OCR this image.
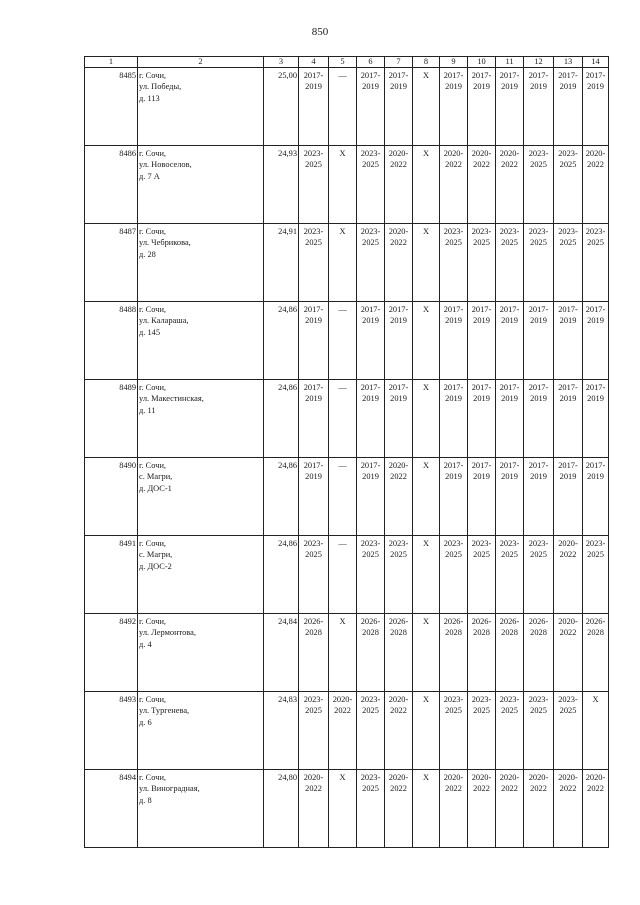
850
1	2	3	4	5	6	7	8	9	10	11	12	13	14
8485	г. Сочи,
ул. Победы,
д. 113	25,00	2017-
2019	—	2017-
2019	2017-
2019	X	2017-
2019	2017-
2019	2017-
2019	2017-
2019	2017-
2019	2017-
2019

8486	г. Сочи,
ул. Новоселов,
д. 7 А	24,93	2023-
2025	X	2023-
2025	2020-
2022	X	2020-
2022	2020-
2022	2020-
2022	2023-
2025	2023-
2025	2020-
2022

8487	г. Сочи,
ул. Чебрикова,
д. 28	24,91	2023-
2025	X	2023-
2025	2020-
2022	X	2023-
2025	2023-
2025	2023-
2025	2023-
2025	2023-
2025	2023-
2025

8488	г. Сочи,
ул. Калараша,
д. 145	24,86	2017-
2019	—	2017-
2019	2017-
2019	X	2017-
2019	2017-
2019	2017-
2019	2017-
2019	2017-
2019	2017-
2019

8489	г. Сочи,
ул. Макестинская,
д. 11	24,86	2017-
2019	—	2017-
2019	2017-
2019	X	2017-
2019	2017-
2019	2017-
2019	2017-
2019	2017-
2019	2017-
2019

8490	г. Сочи,
с. Магри,
д. ДОС-1	24,86	2017-
2019	—	2017-
2019	2020-
2022	X	2017-
2019	2017-
2019	2017-
2019	2017-
2019	2017-
2019	2017-
2019

8491	г. Сочи,
с. Магри,
д. ДОС-2	24,86	2023-
2025	—	2023-
2025	2023-
2025	X	2023-
2025	2023-
2025	2023-
2025	2023-
2025	2020-
2022	2023-
2025

8492	г. Сочи,
ул. Лермонтова,
д. 4	24,84	2026-
2028	X	2026-
2028	2026-
2028	X	2026-
2028	2026-
2028	2026-
2028	2026-
2028	2020-
2022	2026-
2028

8493	г. Сочи,
ул. Тургенева,
д. 6	24,83	2023-
2025	2020-
2022	2023-
2025	2020-
2022	X	2023-
2025	2023-
2025	2023-
2025	2023-
2025	2023-
2025	X

8494	г. Сочи,
ул. Виноградная,
д. 8	24,80	2020-
2022	X	2023-
2025	2020-
2022	X	2020-
2022	2020-
2022	2020-
2022	2020-
2022	2020-
2022	2020-
2022
